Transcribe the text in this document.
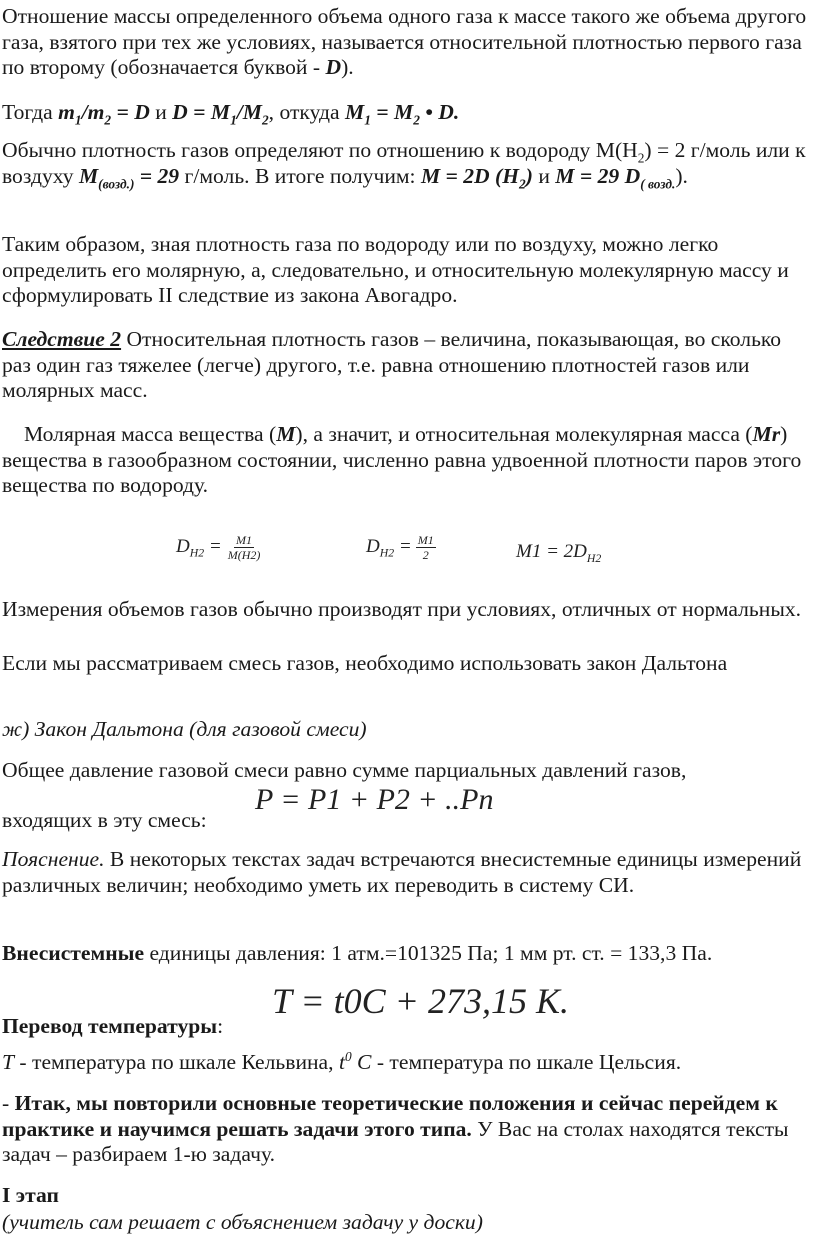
Отношение массы определенного объема одного газа к массе такого же объема другого газа, взятого при тех же условиях, называется относительной плотностью первого газа по второму (обозначается буквой - D).

Тогда $m_1/m_2 = D$ и $D = M_1/M_2$, откуда $M_1 = M_2$ • D.

Обычно плотность газов определяют по отношению к водороду $М(Н_2) = 2$ г/моль или к воздуху $M_{(возд.)} = 29$ г/моль. В итоге получим: M = 2D $(H_2)$ и M = 29 $D_{( возд.}$).

Таким образом, зная плотность газа по водороду или по воздуху, можно легко определить его молярную, а, следовательно, и относительную молекулярную массу и сформулировать II следствие из закона Авогадро.

Следствие 2 Относительная плотность газов – величина, показывающая, во сколько раз один газ тяжелее (легче) другого, т.е. равна отношению плотностей газов или молярных масс.

Молярная масса вещества (M), а значит, и относительная молекулярная масса (Mr) вещества в газообразном состоянии, численно равна удвоенной плотности паров этого вещества по водороду.

$D_{H2} = \frac{M1}{M(H2)}$	$D_{H2} = \frac{M1}{2}$	$M1 = 2D_{H2}$

Измерения объемов газов обычно производят при условиях, отличных от нормальных.

Если мы рассматриваем смесь газов, необходимо использовать закон Дальтона

ж) Закон Дальтона (для газовой смеси)

Общее давление газовой смеси равно сумме парциальных давлений газов,

входящих в эту смесь:

P = P1 + P2 + ..Pn

Пояснение. В некоторых текстах задач встречаются внесистемные единицы измерений различных величин; необходимо уметь их переводить в систему СИ.

Внесистемные единицы давления: 1 атм.=101325 Па; 1 мм рт. ст. = 133,3 Па.

T = t0C + 273,15 K.

Перевод температуры:

T - температура по шкале Кельвина, $t^0$ С - температура по шкале Цельсия.

- Итак, мы повторили основные теоретические положения и сейчас перейдем к практике и научимся решать задачи этого типа. У Вас на столах находятся тексты задач – разбираем 1-ю задачу.

I этап

(учитель сам решает с объяснением задачу у доски)
